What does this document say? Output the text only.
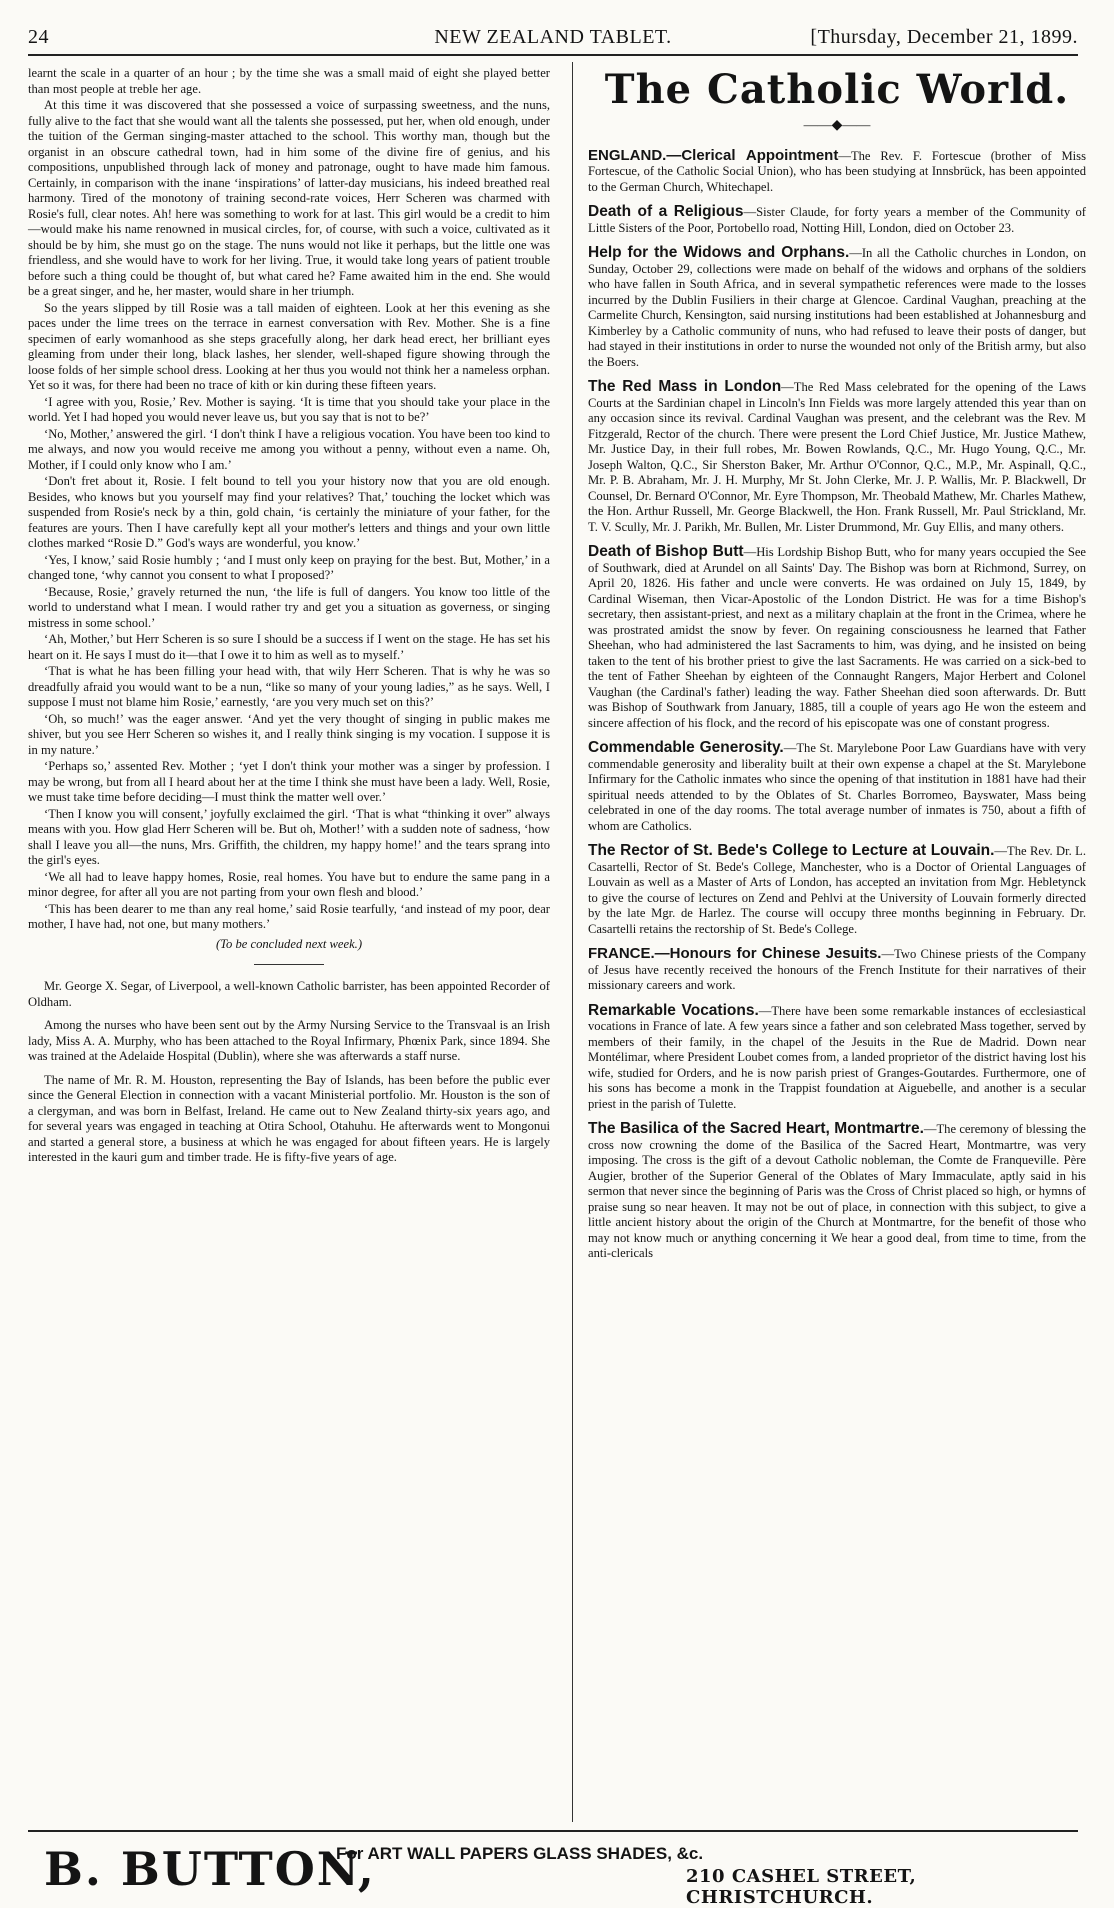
24	NEW ZEALAND TABLET.	[Thursday, December 21, 1899.

learnt the scale in a quarter of an hour ; by the time she was a small maid of eight she played better than most people at treble her age.

At this time it was discovered that she possessed a voice of surpassing sweetness, and the nuns, fully alive to the fact that she would want all the talents she possessed, put her, when old enough, under the tuition of the German singing-master attached to the school. This worthy man, though but the organist in an obscure cathedral town, had in him some of the divine fire of genius, and his compositions, unpublished through lack of money and patronage, ought to have made him famous. Certainly, in comparison with the inane ‘inspirations’ of latter-day musicians, his indeed breathed real harmony. Tired of the monotony of training second-rate voices, Herr Scheren was charmed with Rosie's full, clear notes. Ah! here was something to work for at last. This girl would be a credit to him—would make his name renowned in musical circles, for, of course, with such a voice, cultivated as it should be by him, she must go on the stage. The nuns would not like it perhaps, but the little one was friendless, and she would have to work for her living. True, it would take long years of patient trouble before such a thing could be thought of, but what cared he? Fame awaited him in the end. She would be a great singer, and he, her master, would share in her triumph.

So the years slipped by till Rosie was a tall maiden of eighteen. Look at her this evening as she paces under the lime trees on the terrace in earnest conversation with Rev. Mother. She is a fine specimen of early womanhood as she steps gracefully along, her dark head erect, her brilliant eyes gleaming from under their long, black lashes, her slender, well-shaped figure showing through the loose folds of her simple school dress. Looking at her thus you would not think her a nameless orphan. Yet so it was, for there had been no trace of kith or kin during these fifteen years.

‘I agree with you, Rosie,’ Rev. Mother is saying. ‘It is time that you should take your place in the world. Yet I had hoped you would never leave us, but you say that is not to be?’

‘No, Mother,’ answered the girl. ‘I don't think I have a religious vocation. You have been too kind to me always, and now you would receive me among you without a penny, without even a name. Oh, Mother, if I could only know who I am.’

‘Don't fret about it, Rosie. I felt bound to tell you your history now that you are old enough. Besides, who knows but you yourself may find your relatives? That,’ touching the locket which was suspended from Rosie's neck by a thin, gold chain, ‘is certainly the miniature of your father, for the features are yours. Then I have carefully kept all your mother's letters and things and your own little clothes marked “Rosie D.” God's ways are wonderful, you know.’

‘Yes, I know,’ said Rosie humbly ; ‘and I must only keep on praying for the best. But, Mother,’ in a changed tone, ‘why cannot you consent to what I proposed?’

‘Because, Rosie,’ gravely returned the nun, ‘the life is full of dangers. You know too little of the world to understand what I mean. I would rather try and get you a situation as governess, or singing mistress in some school.’

‘Ah, Mother,’ but Herr Scheren is so sure I should be a success if I went on the stage. He has set his heart on it. He says I must do it—that I owe it to him as well as to myself.’

‘That is what he has been filling your head with, that wily Herr Scheren. That is why he was so dreadfully afraid you would want to be a nun, “like so many of your young ladies,” as he says. Well, I suppose I must not blame him Rosie,’ earnestly, ‘are you very much set on this?’

‘Oh, so much!’ was the eager answer. ‘And yet the very thought of singing in public makes me shiver, but you see Herr Scheren so wishes it, and I really think singing is my vocation. I suppose it is in my nature.’

‘Perhaps so,’ assented Rev. Mother ; ‘yet I don't think your mother was a singer by profession. I may be wrong, but from all I heard about her at the time I think she must have been a lady. Well, Rosie, we must take time before deciding—I must think the matter well over.’

‘Then I know you will consent,’ joyfully exclaimed the girl. ‘That is what “thinking it over” always means with you. How glad Herr Scheren will be. But oh, Mother!’ with a sudden note of sadness, ‘how shall I leave you all—the nuns, Mrs. Griffith, the children, my happy home!’ and the tears sprang into the girl's eyes.

‘We all had to leave happy homes, Rosie, real homes. You have but to endure the same pang in a minor degree, for after all you are not parting from your own flesh and blood.’

‘This has been dearer to me than any real home,’ said Rosie tearfully, ‘and instead of my poor, dear mother, I have had, not one, but many mothers.’

(To be concluded next week.)

Mr. George X. Segar, of Liverpool, a well-known Catholic barrister, has been appointed Recorder of Oldham.

Among the nurses who have been sent out by the Army Nursing Service to the Transvaal is an Irish lady, Miss A. A. Murphy, who has been attached to the Royal Infirmary, Phœnix Park, since 1894. She was trained at the Adelaide Hospital (Dublin), where she was afterwards a staff nurse.

The name of Mr. R. M. Houston, representing the Bay of Islands, has been before the public ever since the General Election in connection with a vacant Ministerial portfolio. Mr. Houston is the son of a clergyman, and was born in Belfast, Ireland. He came out to New Zealand thirty-six years ago, and for several years was engaged in teaching at Otira School, Otahuhu. He afterwards went to Mongonui and started a general store, a business at which he was engaged for about fifteen years. He is largely interested in the kauri gum and timber trade. He is fifty-five years of age.

The Catholic World.
——◆——

ENGLAND.—Clerical Appointment—The Rev. F. Fortescue (brother of Miss Fortescue, of the Catholic Social Union), who has been studying at Innsbrück, has been appointed to the German Church, Whitechapel.

Death of a Religious—Sister Claude, for forty years a member of the Community of Little Sisters of the Poor, Portobello road, Notting Hill, London, died on October 23.

Help for the Widows and Orphans.—In all the Catholic churches in London, on Sunday, October 29, collections were made on behalf of the widows and orphans of the soldiers who have fallen in South Africa, and in several sympathetic references were made to the losses incurred by the Dublin Fusiliers in their charge at Glencoe. Cardinal Vaughan, preaching at the Carmelite Church, Kensington, said nursing institutions had been established at Johannesburg and Kimberley by a Catholic community of nuns, who had refused to leave their posts of danger, but had stayed in their institutions in order to nurse the wounded not only of the British army, but also the Boers.

The Red Mass in London—The Red Mass celebrated for the opening of the Laws Courts at the Sardinian chapel in Lincoln's Inn Fields was more largely attended this year than on any occasion since its revival. Cardinal Vaughan was present, and the celebrant was the Rev. M Fitzgerald, Rector of the church. There were present the Lord Chief Justice, Mr. Justice Mathew, Mr. Justice Day, in their full robes, Mr. Bowen Rowlands, Q.C., Mr. Hugo Young, Q.C., Mr. Joseph Walton, Q.C., Sir Sherston Baker, Mr. Arthur O'Connor, Q.C., M.P., Mr. Aspinall, Q.C., Mr. P. B. Abraham, Mr. J. H. Murphy, Mr St. John Clerke, Mr. J. P. Wallis, Mr. P. Blackwell, Dr Counsel, Dr. Bernard O'Connor, Mr. Eyre Thompson, Mr. Theobald Mathew, Mr. Charles Mathew, the Hon. Arthur Russell, Mr. George Blackwell, the Hon. Frank Russell, Mr. Paul Strickland, Mr. T. V. Scully, Mr. J. Parikh, Mr. Bullen, Mr. Lister Drummond, Mr. Guy Ellis, and many others.

Death of Bishop Butt—His Lordship Bishop Butt, who for many years occupied the See of Southwark, died at Arundel on all Saints' Day. The Bishop was born at Richmond, Surrey, on April 20, 1826. His father and uncle were converts. He was ordained on July 15, 1849, by Cardinal Wiseman, then Vicar-Apostolic of the London District. He was for a time Bishop's secretary, then assistant-priest, and next as a military chaplain at the front in the Crimea, where he was prostrated amidst the snow by fever. On regaining consciousness he learned that Father Sheehan, who had administered the last Sacraments to him, was dying, and he insisted on being taken to the tent of his brother priest to give the last Sacraments. He was carried on a sick-bed to the tent of Father Sheehan by eighteen of the Connaught Rangers, Major Herbert and Colonel Vaughan (the Cardinal's father) leading the way. Father Sheehan died soon afterwards. Dr. Butt was Bishop of Southwark from January, 1885, till a couple of years ago He won the esteem and sincere affection of his flock, and the record of his episcopate was one of constant progress.

Commendable Generosity.—The St. Marylebone Poor Law Guardians have with very commendable generosity and liberality built at their own expense a chapel at the St. Marylebone Infirmary for the Catholic inmates who since the opening of that institution in 1881 have had their spiritual needs attended to by the Oblates of St. Charles Borromeo, Bayswater, Mass being celebrated in one of the day rooms. The total average number of inmates is 750, about a fifth of whom are Catholics.

The Rector of St. Bede's College to Lecture at Louvain.—The Rev. Dr. L. Casartelli, Rector of St. Bede's College, Manchester, who is a Doctor of Oriental Languages of Louvain as well as a Master of Arts of London, has accepted an invitation from Mgr. Hebletynck to give the course of lectures on Zend and Pehlvi at the University of Louvain formerly directed by the late Mgr. de Harlez. The course will occupy three months beginning in February. Dr. Casartelli retains the rectorship of St. Bede's College.

FRANCE.—Honours for Chinese Jesuits.—Two Chinese priests of the Company of Jesus have recently received the honours of the French Institute for their narratives of their missionary careers and work.

Remarkable Vocations.—There have been some remarkable instances of ecclesiastical vocations in France of late. A few years since a father and son celebrated Mass together, served by members of their family, in the chapel of the Jesuits in the Rue de Madrid. Down near Montélimar, where President Loubet comes from, a landed proprietor of the district having lost his wife, studied for Orders, and he is now parish priest of Granges-Goutardes. Furthermore, one of his sons has become a monk in the Trappist foundation at Aiguebelle, and another is a secular priest in the parish of Tulette.

The Basilica of the Sacred Heart, Montmartre.—The ceremony of blessing the cross now crowning the dome of the Basilica of the Sacred Heart, Montmartre, was very imposing. The cross is the gift of a devout Catholic nobleman, the Comte de Franqueville. Père Augier, brother of the Superior General of the Oblates of Mary Immaculate, aptly said in his sermon that never since the beginning of Paris was the Cross of Christ placed so high, or hymns of praise sung so near heaven. It may not be out of place, in connection with this subject, to give a little ancient history about the origin of the Church at Montmartre, for the benefit of those who may not know much or anything concerning it We hear a good deal, from time to time, from the anti-clericals

B. BUTTON,
For ART WALL PAPERS GLASS SHADES, &c.
210 CASHEL STREET, CHRISTCHURCH.
